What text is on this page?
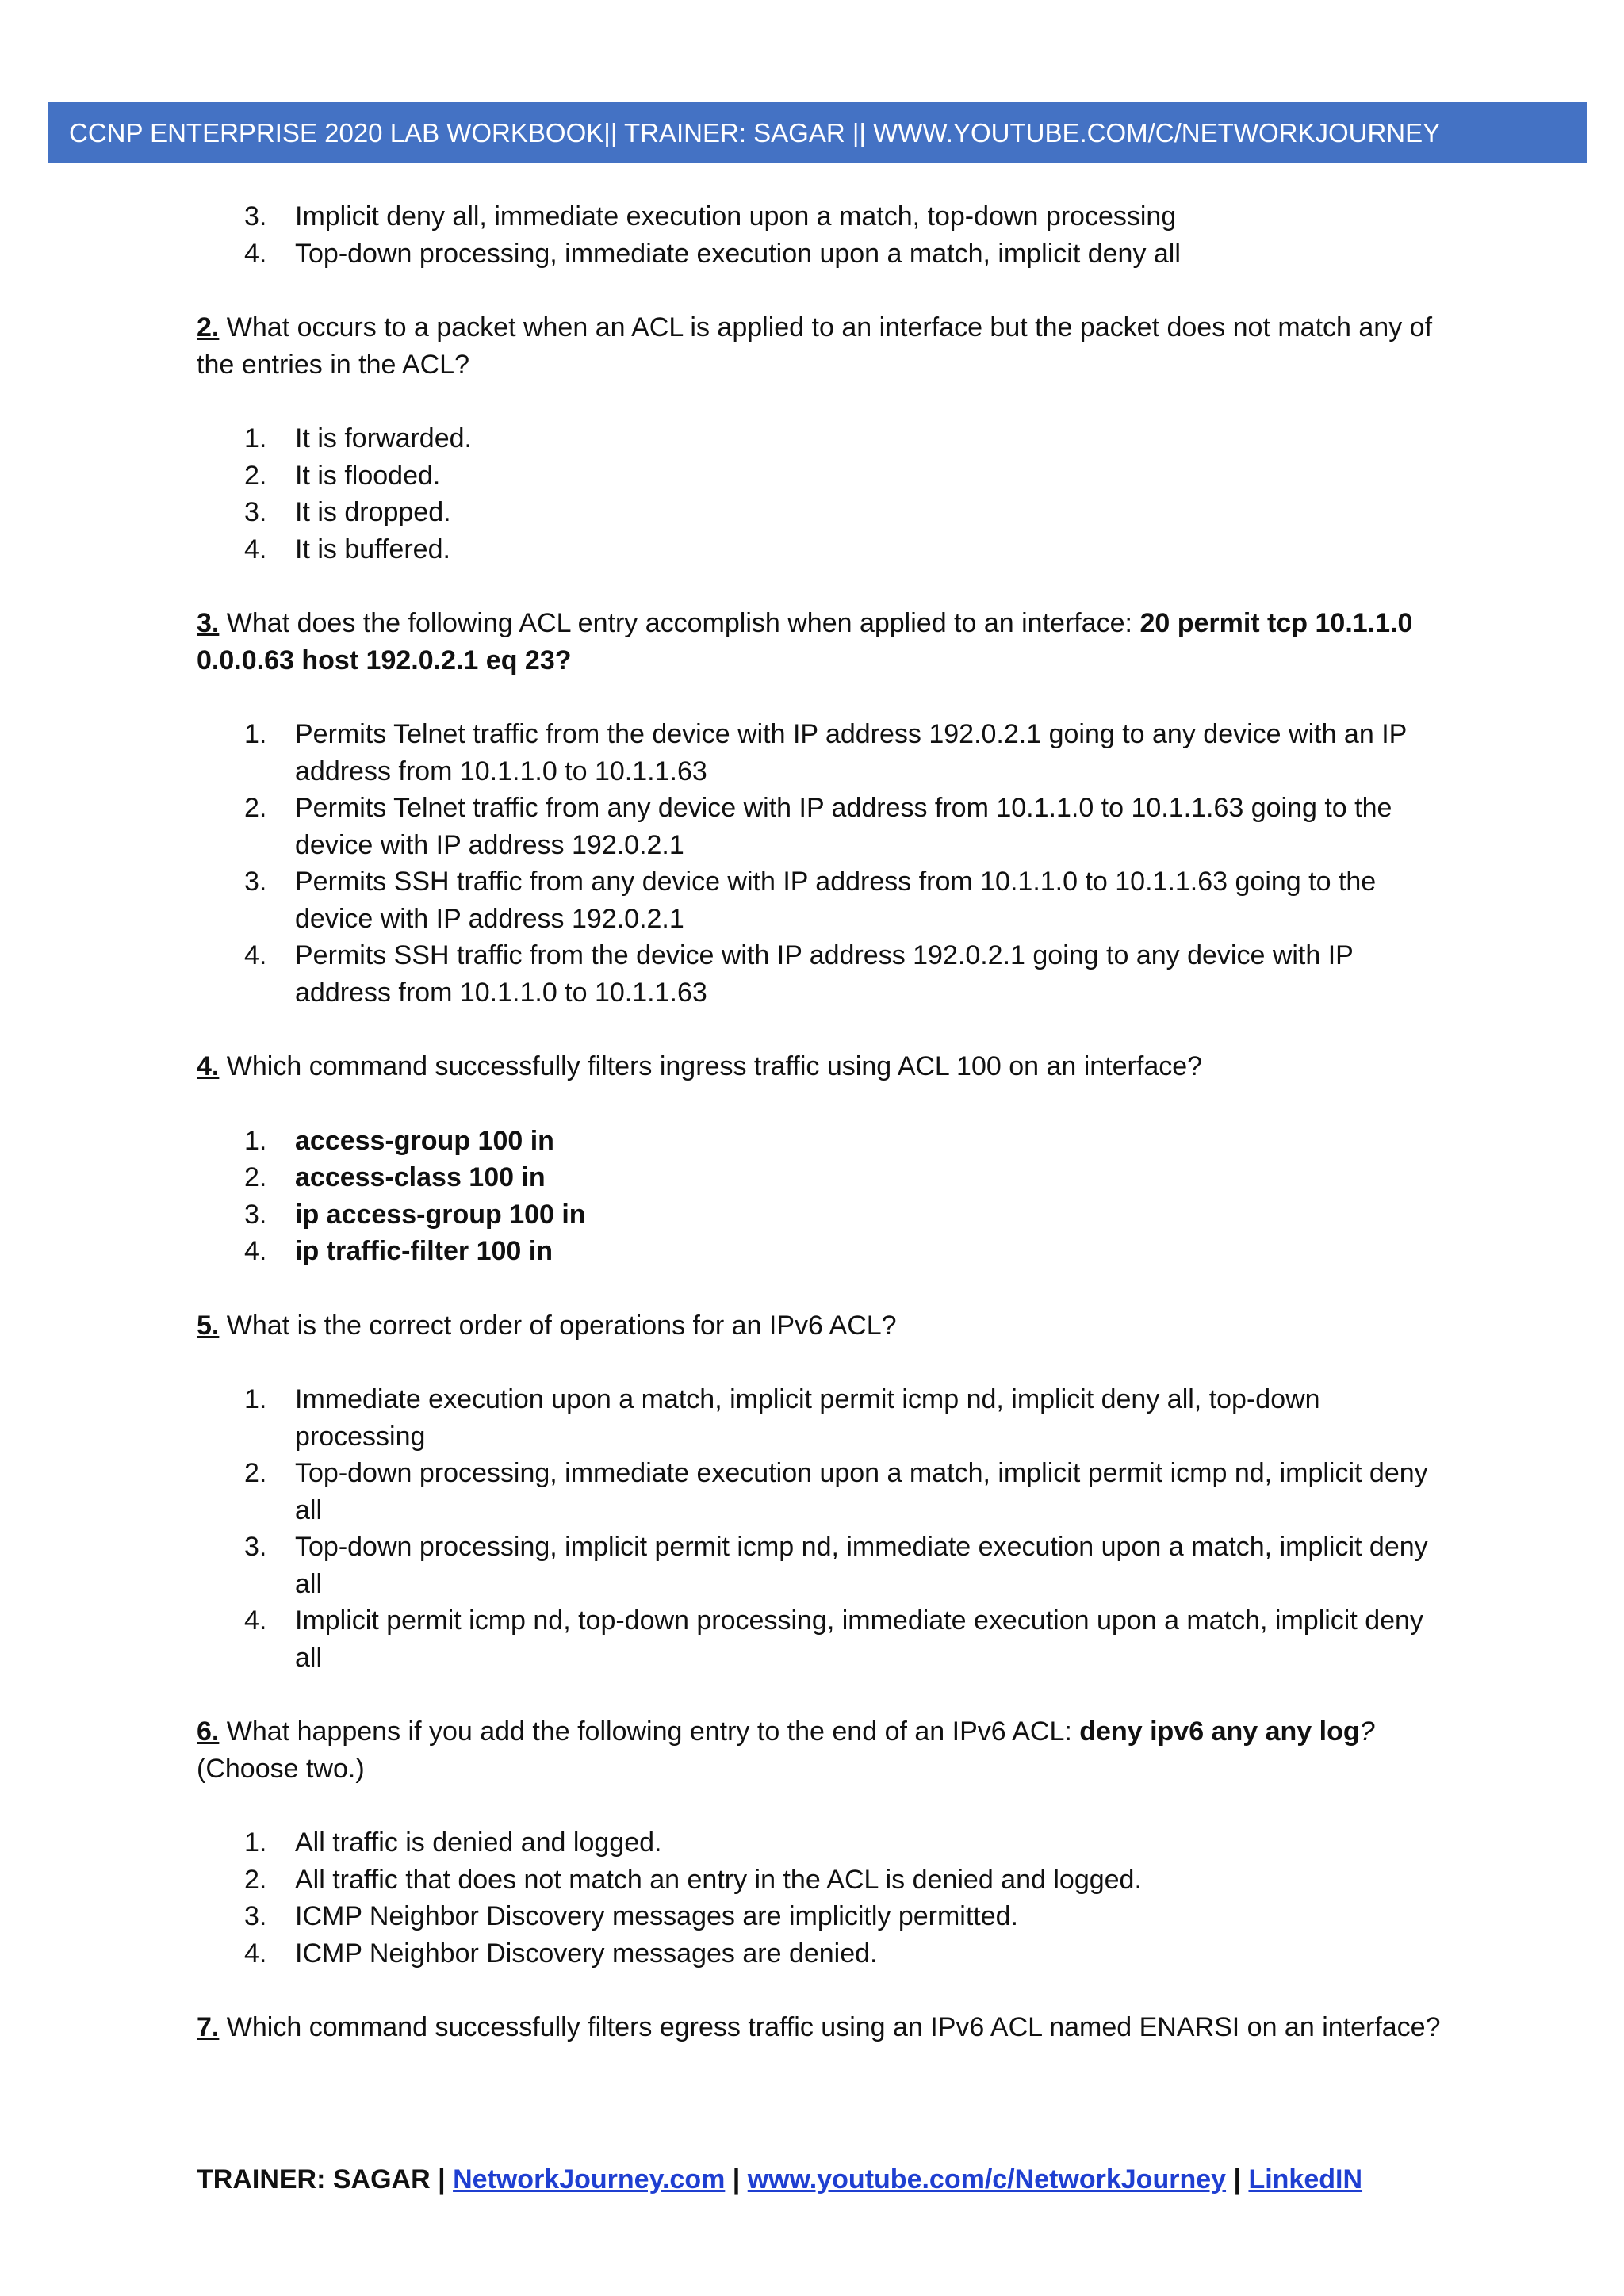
CCNP ENTERPRISE 2020 LAB WORKBOOK|| TRAINER: SAGAR || WWW.YOUTUBE.COM/C/NETWORKJOURNEY
3.	Implicit deny all, immediate execution upon a match, top-down processing
4.	Top-down processing, immediate execution upon a match, implicit deny all

2. What occurs to a packet when an ACL is applied to an interface but the packet does not match any of the entries in the ACL?

1.	It is forwarded.
2.	It is flooded.
3.	It is dropped.
4.	It is buffered.

3. What does the following ACL entry accomplish when applied to an interface: 20 permit tcp 10.1.1.0 0.0.0.63 host 192.0.2.1 eq 23?

1.	Permits Telnet traffic from the device with IP address 192.0.2.1 going to any device with an IP address from 10.1.1.0 to 10.1.1.63
2.	Permits Telnet traffic from any device with IP address from 10.1.1.0 to 10.1.1.63 going to the device with IP address 192.0.2.1
3.	Permits SSH traffic from any device with IP address from 10.1.1.0 to 10.1.1.63 going to the device with IP address 192.0.2.1
4.	Permits SSH traffic from the device with IP address 192.0.2.1 going to any device with IP address from 10.1.1.0 to 10.1.1.63

4. Which command successfully filters ingress traffic using ACL 100 on an interface?

1.	access-group 100 in
2.	access-class 100 in
3.	ip access-group 100 in
4.	ip traffic-filter 100 in

5. What is the correct order of operations for an IPv6 ACL?

1.	Immediate execution upon a match, implicit permit icmp nd, implicit deny all, top-down processing
2.	Top-down processing, immediate execution upon a match, implicit permit icmp nd, implicit deny all
3.	Top-down processing, implicit permit icmp nd, immediate execution upon a match, implicit deny all
4.	Implicit permit icmp nd, top-down processing, immediate execution upon a match, implicit deny all

6. What happens if you add the following entry to the end of an IPv6 ACL: deny ipv6 any any log? (Choose two.)

1.	All traffic is denied and logged.
2.	All traffic that does not match an entry in the ACL is denied and logged.
3.	ICMP Neighbor Discovery messages are implicitly permitted.
4.	ICMP Neighbor Discovery messages are denied.

7. Which command successfully filters egress traffic using an IPv6 ACL named ENARSI on an interface?

TRAINER: SAGAR | NetworkJourney.com | www.youtube.com/c/NetworkJourney | LinkedIN
